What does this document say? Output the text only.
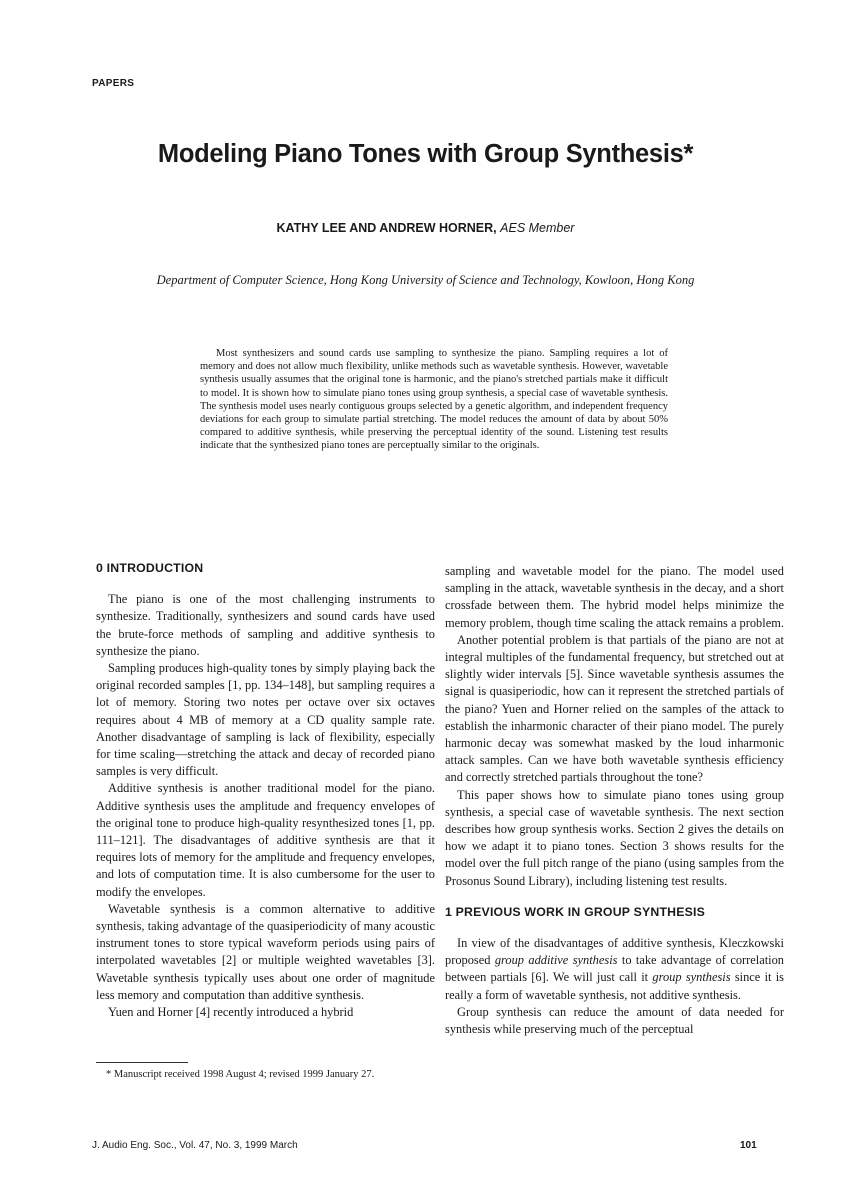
PAPERS
Modeling Piano Tones with Group Synthesis*
KATHY LEE AND ANDREW HORNER, AES Member
Department of Computer Science, Hong Kong University of Science and Technology, Kowloon, Hong Kong

Most synthesizers and sound cards use sampling to synthesize the piano. Sampling requires a lot of memory and does not allow much flexibility, unlike methods such as wavetable synthesis. However, wavetable synthesis usually assumes that the original tone is harmonic, and the piano's stretched partials make it difficult to model. It is shown how to simulate piano tones using group synthesis, a special case of wavetable synthesis. The synthesis model uses nearly contiguous groups selected by a genetic algorithm, and independent frequency deviations for each group to simulate partial stretching. The model reduces the amount of data by about 50% compared to additive synthesis, while preserving the perceptual identity of the sound. Listening test results indicate that the synthesized piano tones are perceptually similar to the originals.

0 INTRODUCTION

The piano is one of the most challenging instruments to synthesize. Traditionally, synthesizers and sound cards have used the brute-force methods of sampling and additive synthesis to synthesize the piano.

Sampling produces high-quality tones by simply playing back the original recorded samples [1, pp. 134–148], but sampling requires a lot of memory. Storing two notes per octave over six octaves requires about 4 MB of memory at a CD quality sample rate. Another disadvantage of sampling is lack of flexibility, especially for time scaling—stretching the attack and decay of recorded piano samples is very difficult.

Additive synthesis is another traditional model for the piano. Additive synthesis uses the amplitude and frequency envelopes of the original tone to produce high-quality resynthesized tones [1, pp. 111–121]. The disadvantages of additive synthesis are that it requires lots of memory for the amplitude and frequency envelopes, and lots of computation time. It is also cumbersome for the user to modify the envelopes.

Wavetable synthesis is a common alternative to additive synthesis, taking advantage of the quasiperiodicity of many acoustic instrument tones to store typical waveform periods using pairs of interpolated wavetables [2] or multiple weighted wavetables [3]. Wavetable synthesis typically uses about one order of magnitude less memory and computation than additive synthesis.

Yuen and Horner [4] recently introduced a hybrid

sampling and wavetable model for the piano. The model used sampling in the attack, wavetable synthesis in the decay, and a short crossfade between them. The hybrid model helps minimize the memory problem, though time scaling the attack remains a problem.

Another potential problem is that partials of the piano are not at integral multiples of the fundamental frequency, but stretched out at slightly wider intervals [5]. Since wavetable synthesis assumes the signal is quasiperiodic, how can it represent the stretched partials of the piano? Yuen and Horner relied on the samples of the attack to establish the inharmonic character of their piano model. The purely harmonic decay was somewhat masked by the loud inharmonic attack samples. Can we have both wavetable synthesis efficiency and correctly stretched partials throughout the tone?

This paper shows how to simulate piano tones using group synthesis, a special case of wavetable synthesis. The next section describes how group synthesis works. Section 2 gives the details on how we adapt it to piano tones. Section 3 shows results for the model over the full pitch range of the piano (using samples from the Prosonus Sound Library), including listening test results.

1 PREVIOUS WORK IN GROUP SYNTHESIS

In view of the disadvantages of additive synthesis, Kleczkowski proposed group additive synthesis to take advantage of correlation between partials [6]. We will just call it group synthesis since it is really a form of wavetable synthesis, not additive synthesis.

Group synthesis can reduce the amount of data needed for synthesis while preserving much of the perceptual

* Manuscript received 1998 August 4; revised 1999 January 27.

J. Audio Eng. Soc., Vol. 47, No. 3, 1999 March	101
